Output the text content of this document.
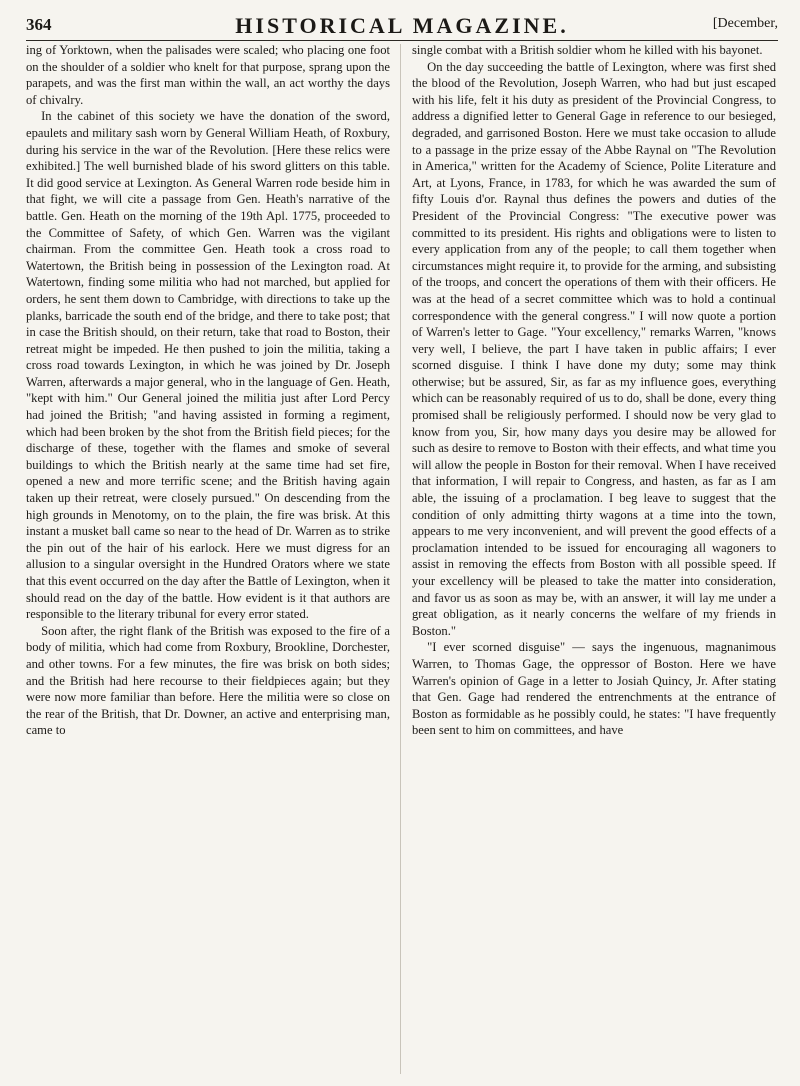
364	HISTORICAL MAGAZINE.	[December,

ing of Yorktown, when the palisades were scaled; who placing one foot on the shoulder of a soldier who knelt for that purpose, sprang upon the parapets, and was the first man within the wall, an act worthy the days of chivalry.

In the cabinet of this society we have the donation of the sword, epaulets and military sash worn by General William Heath, of Roxbury, during his service in the war of the Revolution. [Here these relics were exhibited.] The well burnished blade of his sword glitters on this table. It did good service at Lexington. As General Warren rode beside him in that fight, we will cite a passage from Gen. Heath's narrative of the battle. Gen. Heath on the morning of the 19th Apl. 1775, proceeded to the Committee of Safety, of which Gen. Warren was the vigilant chairman. From the committee Gen. Heath took a cross road to Watertown, the British being in possession of the Lexington road. At Watertown, finding some militia who had not marched, but applied for orders, he sent them down to Cambridge, with directions to take up the planks, barricade the south end of the bridge, and there to take post; that in case the British should, on their return, take that road to Boston, their retreat might be impeded. He then pushed to join the militia, taking a cross road towards Lexington, in which he was joined by Dr. Joseph Warren, afterwards a major general, who in the language of Gen. Heath, "kept with him." Our General joined the militia just after Lord Percy had joined the British; "and having assisted in forming a regiment, which had been broken by the shot from the British field pieces; for the discharge of these, together with the flames and smoke of several buildings to which the British nearly at the same time had set fire, opened a new and more terrific scene; and the British having again taken up their retreat, were closely pursued." On descending from the high grounds in Menotomy, on to the plain, the fire was brisk. At this instant a musket ball came so near to the head of Dr. Warren as to strike the pin out of the hair of his earlock. Here we must digress for an allusion to a singular oversight in the Hundred Orators where we state that this event occurred on the day after the Battle of Lexington, when it should read on the day of the battle. How evident is it that authors are responsible to the literary tribunal for every error stated.

Soon after, the right flank of the British was exposed to the fire of a body of militia, which had come from Roxbury, Brookline, Dorchester, and other towns. For a few minutes, the fire was brisk on both sides; and the British had here recourse to their fieldpieces again; but they were now more familiar than before. Here the militia were so close on the rear of the British, that Dr. Downer, an active and enterprising man, came to

single combat with a British soldier whom he killed with his bayonet.

On the day succeeding the battle of Lexington, where was first shed the blood of the Revolution, Joseph Warren, who had but just escaped with his life, felt it his duty as president of the Provincial Congress, to address a dignified letter to General Gage in reference to our besieged, degraded, and garrisoned Boston. Here we must take occasion to allude to a passage in the prize essay of the Abbe Raynal on "The Revolution in America," written for the Academy of Science, Polite Literature and Art, at Lyons, France, in 1783, for which he was awarded the sum of fifty Louis d'or. Raynal thus defines the powers and duties of the President of the Provincial Congress: "The executive power was committed to its president. His rights and obligations were to listen to every application from any of the people; to call them together when circumstances might require it, to provide for the arming, and subsisting of the troops, and concert the operations of them with their officers. He was at the head of a secret committee which was to hold a continual correspondence with the general congress." I will now quote a portion of Warren's letter to Gage. "Your excellency," remarks Warren, "knows very well, I believe, the part I have taken in public affairs; I ever scorned disguise. I think I have done my duty; some may think otherwise; but be assured, Sir, as far as my influence goes, everything which can be reasonably required of us to do, shall be done, every thing promised shall be religiously performed. I should now be very glad to know from you, Sir, how many days you desire may be allowed for such as desire to remove to Boston with their effects, and what time you will allow the people in Boston for their removal. When I have received that information, I will repair to Congress, and hasten, as far as I am able, the issuing of a proclamation. I beg leave to suggest that the condition of only admitting thirty wagons at a time into the town, appears to me very inconvenient, and will prevent the good effects of a proclamation intended to be issued for encouraging all wagoners to assist in removing the effects from Boston with all possible speed. If your excellency will be pleased to take the matter into consideration, and favor us as soon as may be, with an answer, it will lay me under a great obligation, as it nearly concerns the welfare of my friends in Boston."

"I ever scorned disguise" — says the ingenuous, magnanimous Warren, to Thomas Gage, the oppressor of Boston. Here we have Warren's opinion of Gage in a letter to Josiah Quincy, Jr. After stating that Gen. Gage had rendered the entrenchments at the entrance of Boston as formidable as he possibly could, he states: "I have frequently been sent to him on committees, and have
